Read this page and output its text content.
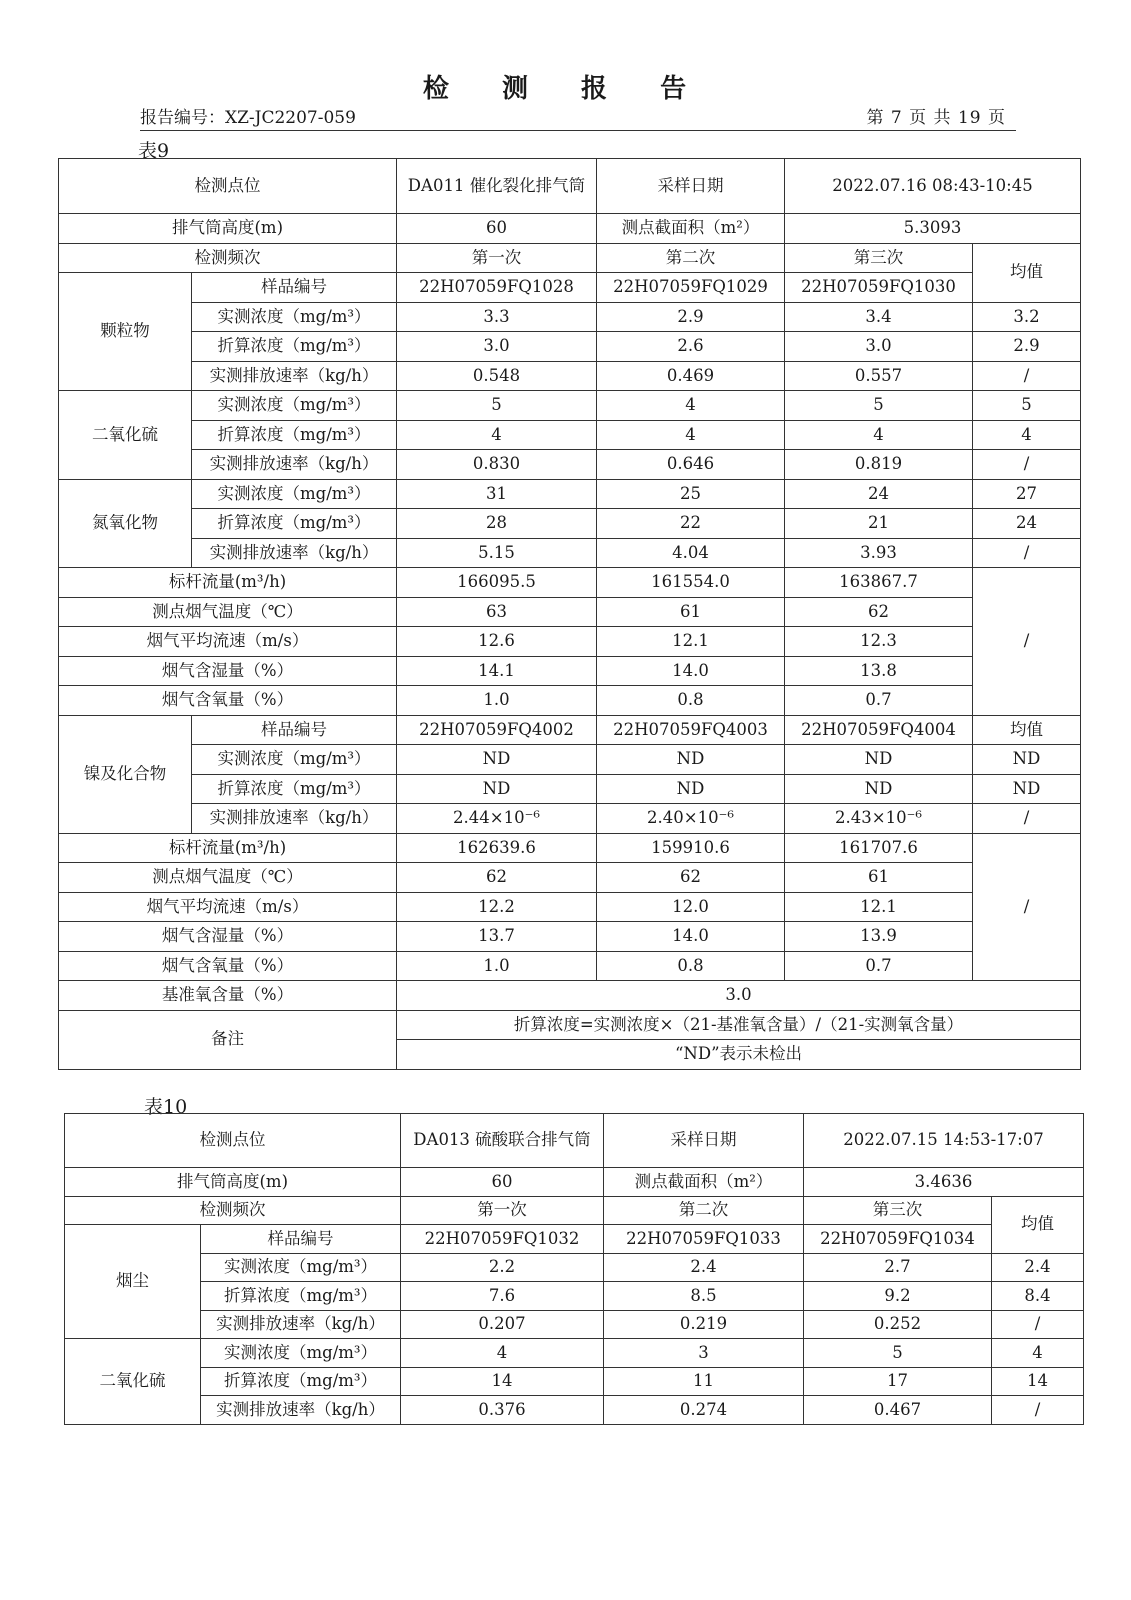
检 测 报 告
报告编号：XZ-JC2207-059	第 7 页 共 19 页
表9
检测点位		DA011 催化裂化排气筒	采样日期	2022.07.16 08:43-10:45	
排气筒高度(m)		60	测点截面积（m²）	5.3093	
检测频次		第一次	第二次	第三次	均值
颗粒物	样品编号	22H07059FQ1028	22H07059FQ1029	22H07059FQ1030	
	实测浓度（mg/m³）	3.3	2.9	3.4	3.2
	折算浓度（mg/m³）	3.0	2.6	3.0	2.9
	实测排放速率（kg/h）	0.548	0.469	0.557	/
二氧化硫	实测浓度（mg/m³）	5	4	5	5
	折算浓度（mg/m³）	4	4	4	4
	实测排放速率（kg/h）	0.830	0.646	0.819	/
氮氧化物	实测浓度（mg/m³）	31	25	24	27
	折算浓度（mg/m³）	28	22	21	24
	实测排放速率（kg/h）	5.15	4.04	3.93	/
标杆流量(m³/h)		166095.5	161554.0	163867.7	/
测点烟气温度（℃）		63	61	62	
烟气平均流速（m/s）		12.6	12.1	12.3	
烟气含湿量（%）		14.1	14.0	13.8	
烟气含氧量（%）		1.0	0.8	0.7	
镍及化合物	样品编号	22H07059FQ4002	22H07059FQ4003	22H07059FQ4004	均值
	实测浓度（mg/m³）	ND	ND	ND	ND
	折算浓度（mg/m³）	ND	ND	ND	ND
	实测排放速率（kg/h）	2.44×10⁻⁶	2.40×10⁻⁶	2.43×10⁻⁶	/
标杆流量(m³/h)		162639.6	159910.6	161707.6	/
测点烟气温度（℃）		62	62	61	
烟气平均流速（m/s）		12.2	12.0	12.1	
烟气含湿量（%）		13.7	14.0	13.9	
烟气含氧量（%）		1.0	0.8	0.7	
基准氧含量（%）		3.0			
备注		折算浓度=实测浓度×（21-基准氧含量）/（21-实测氧含量）			
		“ND”表示未检出			
表10
检测点位		DA013 硫酸联合排气筒	采样日期	2022.07.15 14:53-17:07	
排气筒高度(m)		60	测点截面积（m²）	3.4636	
检测频次		第一次	第二次	第三次	均值
烟尘	样品编号	22H07059FQ1032	22H07059FQ1033	22H07059FQ1034	
	实测浓度（mg/m³）	2.2	2.4	2.7	2.4
	折算浓度（mg/m³）	7.6	8.5	9.2	8.4
	实测排放速率（kg/h）	0.207	0.219	0.252	/
二氧化硫	实测浓度（mg/m³）	4	3	5	4
	折算浓度（mg/m³）	14	11	17	14
	实测排放速率（kg/h）	0.376	0.274	0.467	/
